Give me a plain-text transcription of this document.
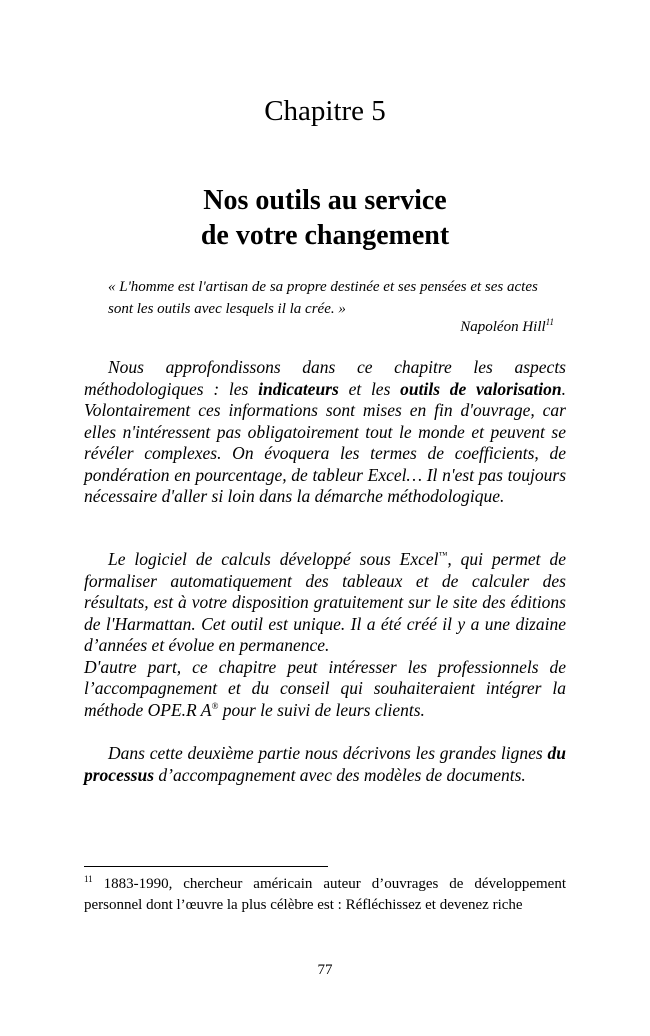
Chapitre 5
Nos outils au service
de votre changement
« L'homme est l'artisan de sa propre destinée et ses pensées et ses actes sont les outils avec lesquels il la crée. »
Napoléon Hill$^{11}$

Nous approfondissons dans ce chapitre les aspects méthodologiques : les indicateurs et les outils de valorisation. Volontairement ces informations sont mises en fin d'ouvrage, car elles n'intéressent pas obligatoirement tout le monde et peuvent se révéler complexes. On évoquera les termes de coefficients, de pondération en pourcentage, de tableur Excel… Il n'est pas toujours nécessaire d'aller si loin dans la démarche méthodologique.

Le logiciel de calculs développé sous Excel™, qui permet de formaliser automatiquement des tableaux et de calculer des résultats, est à votre disposition gratuitement sur le site des éditions de l'Harmattan. Cet outil est unique. Il a été créé il y a une dizaine d’années et évolue en permanence.

D'autre part, ce chapitre peut intéresser les professionnels de l’accompagnement et du conseil qui souhaiteraient intégrer la méthode OPE.R A® pour le suivi de leurs clients.

Dans cette deuxième partie nous décrivons les grandes lignes du processus d’accompagnement avec des modèles de documents.

$^{11}$ 1883-1990, chercheur américain auteur d’ouvrages de développement personnel dont l’œuvre la plus célèbre est : Réfléchissez et devenez riche
77
